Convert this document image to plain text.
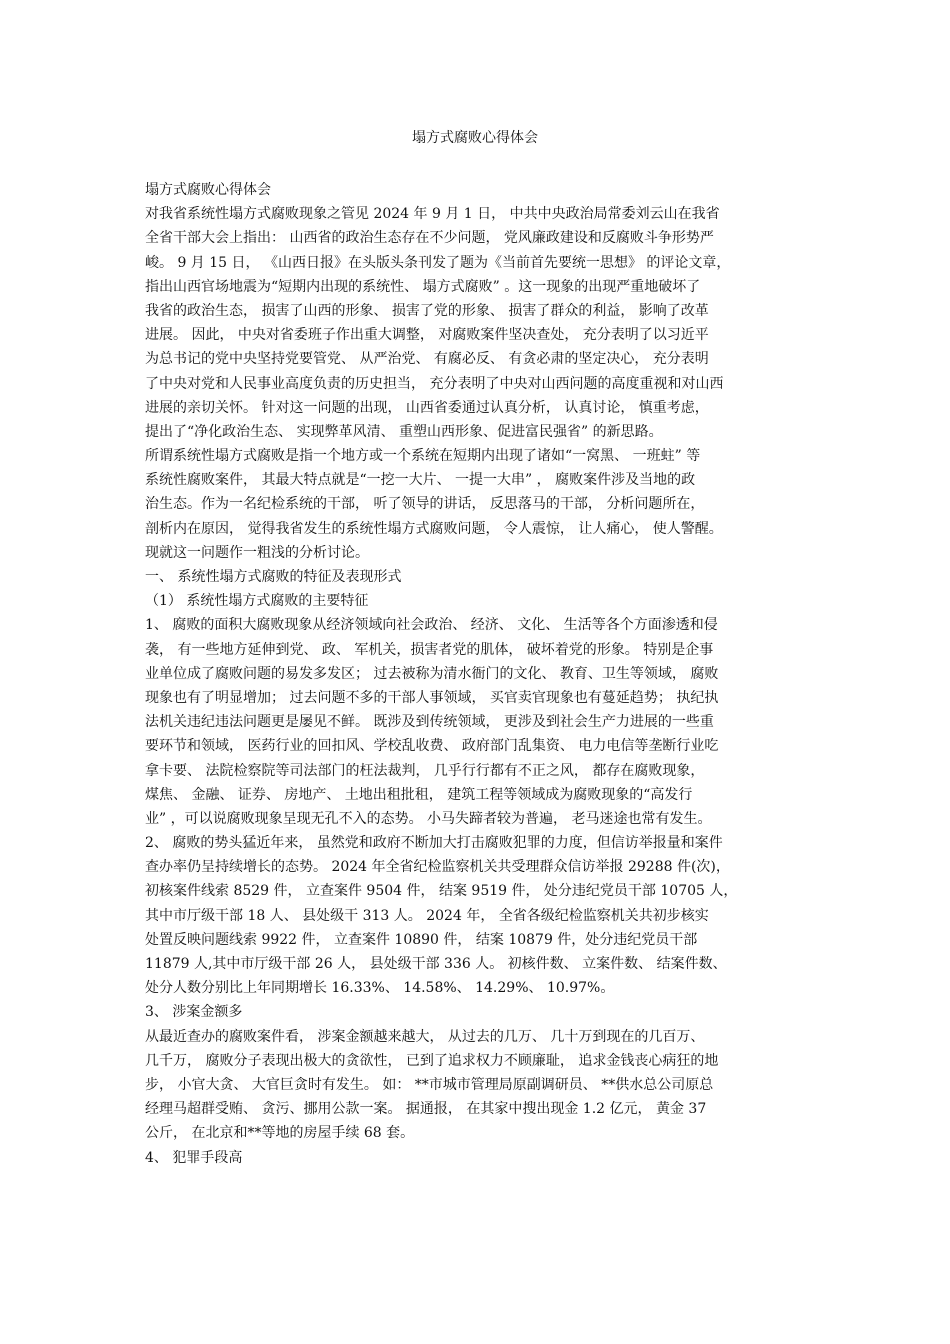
塌方式腐败心得体会
塌方式腐败心得体会
对我省系统性塌方式腐败现象之管见 2024 年 9 月 1 日， 中共中央政治局常委刘云山在我省
全省干部大会上指出： 山西省的政治生态存在不少问题， 党风廉政建设和反腐败斗争形势严
峻。 9 月 15 日， 《山西日报》在头版头条刊发了题为《当前首先要统一思想》 的评论文章，
指出山西官场地震为“短期内出现的系统性、 塌方式腐败” 。这一现象的出现严重地破坏了
我省的政治生态， 损害了山西的形象、 损害了党的形象、 损害了群众的利益， 影响了改革
进展。 因此， 中央对省委班子作出重大调整， 对腐败案件坚决查处， 充分表明了以习近平
为总书记的党中央坚持党要管党、 从严治党、 有腐必反、 有贪必肃的坚定决心， 充分表明
了中央对党和人民事业高度负责的历史担当， 充分表明了中央对山西问题的高度重视和对山西
进展的亲切关怀。 针对这一问题的出现， 山西省委通过认真分析， 认真讨论， 慎重考虑，
提出了“净化政治生态、 实现弊革风清、 重塑山西形象、促进富民强省” 的新思路。
所谓系统性塌方式腐败是指一个地方或一个系统在短期内出现了诸如“一窝黑、 一班蛀” 等
系统性腐败案件， 其最大特点就是“一挖一大片、 一提一大串” ， 腐败案件涉及当地的政
治生态。作为一名纪检系统的干部， 听了领导的讲话， 反思落马的干部， 分析问题所在，
剖析内在原因， 觉得我省发生的系统性塌方式腐败问题， 令人震惊， 让人痛心， 使人警醒。
现就这一问题作一粗浅的分析讨论。
一、 系统性塌方式腐败的特征及表现形式
（1） 系统性塌方式腐败的主要特征
1、 腐败的面积大腐败现象从经济领域向社会政治、 经济、 文化、 生活等各个方面渗透和侵
袭， 有一些地方延伸到党、 政、 军机关，损害者党的肌体， 破坏着党的形象。 特别是企事
业单位成了腐败问题的易发多发区； 过去被称为清水衙门的文化、 教育、卫生等领域， 腐败
现象也有了明显增加； 过去问题不多的干部人事领域， 买官卖官现象也有蔓延趋势； 执纪执
法机关违纪违法问题更是屡见不鲜。 既涉及到传统领域， 更涉及到社会生产力进展的一些重
要环节和领域， 医药行业的回扣风、学校乱收费、 政府部门乱集资、 电力电信等垄断行业吃
拿卡要、 法院检察院等司法部门的枉法裁判， 几乎行行都有不正之风， 都存在腐败现象，
煤焦、 金融、 证券、 房地产、 土地出租批租， 建筑工程等领域成为腐败现象的“高发行
业” ，可以说腐败现象呈现无孔不入的态势。 小马失蹄者较为普遍， 老马迷途也常有发生。
2、 腐败的势头猛近年来， 虽然党和政府不断加大打击腐败犯罪的力度，但信访举报量和案件
查办率仍呈持续增长的态势。 2024 年全省纪检监察机关共受理群众信访举报 29288 件(次)，
初核案件线索 8529 件， 立查案件 9504 件， 结案 9519 件， 处分违纪党员干部 10705 人，
其中市厅级干部 18 人、 县处级干 313 人。 2024 年， 全省各级纪检监察机关共初步核实
处置反映问题线索 9922 件， 立查案件 10890 件， 结案 10879 件，处分违纪党员干部
11879 人,其中市厅级干部 26 人， 县处级干部 336 人。 初核件数、 立案件数、 结案件数、
处分人数分别比上年同期增长 16.33%、 14.58%、 14.29%、 10.97%。
3、 涉案金额多
从最近查办的腐败案件看， 涉案金额越来越大， 从过去的几万、 几十万到现在的几百万、
几千万， 腐败分子表现出极大的贪欲性， 已到了追求权力不顾廉耻， 追求金钱丧心病狂的地
步， 小官大贪、 大官巨贪时有发生。 如： **市城市管理局原副调研员、 **供水总公司原总
经理马超群受贿、 贪污、挪用公款一案。 据通报， 在其家中搜出现金 1.2 亿元， 黄金 37
公斤， 在北京和**等地的房屋手续 68 套。
4、 犯罪手段高
